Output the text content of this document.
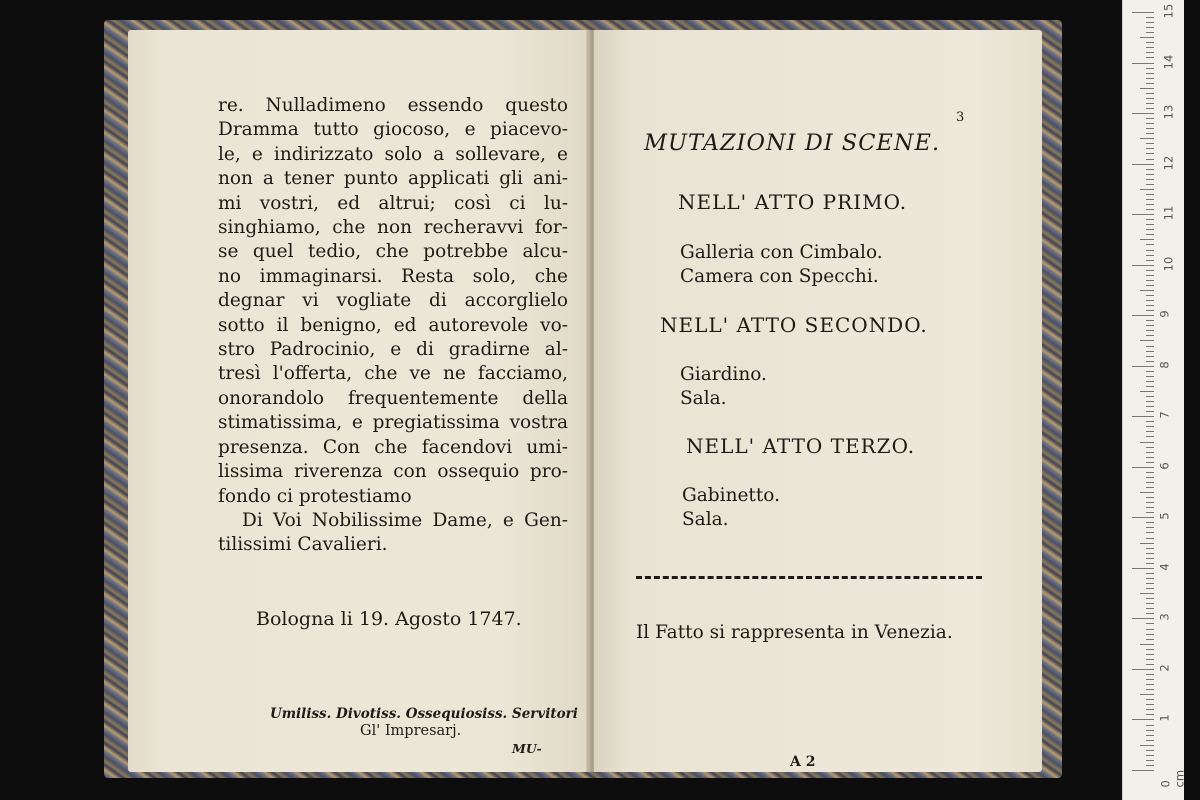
re. Nulladimeno essendo questo
Dramma tutto giocoso, e piacevo-
le, e indirizzato solo a sollevare, e
non a tener punto applicati gli ani-
mi vostri, ed altrui; così ci lu-
singhiamo, che non recheravvi for-
se quel tedio, che potrebbe alcu-
no immaginarsi. Resta solo, che
degnar vi vogliate di accorglielo
sotto il benigno, ed autorevole vo-
stro Padrocinio, e di gradirne al-
tresì l'offerta, che ve ne facciamo,
onorandolo frequentemente della
stimatissima, e pregiatissima vostra
presenza. Con che facendovi umi-
lissima riverenza con ossequio pro-
fondo ci protestiamo
Di Voi Nobilissime Dame, e Gen-
tilissimi Cavalieri.
Bologna li 19. Agosto 1747.
Umiliss. Divotiss. Ossequiosiss. Servitori
Gl' Impresarj.
MU-
3
MUTAZIONI DI SCENE.
NELL' ATTO PRIMO.
Galleria con Cimbalo.
Camera con Specchi.
NELL' ATTO SECONDO.
Giardino.
Sala.
NELL' ATTO TERZO.
Gabinetto.
Sala.
Il Fatto si rappresenta in Venezia.
A 2
0 cm
1
2
3
4
5
6
7
8
9
10
11
12
13
14
15
